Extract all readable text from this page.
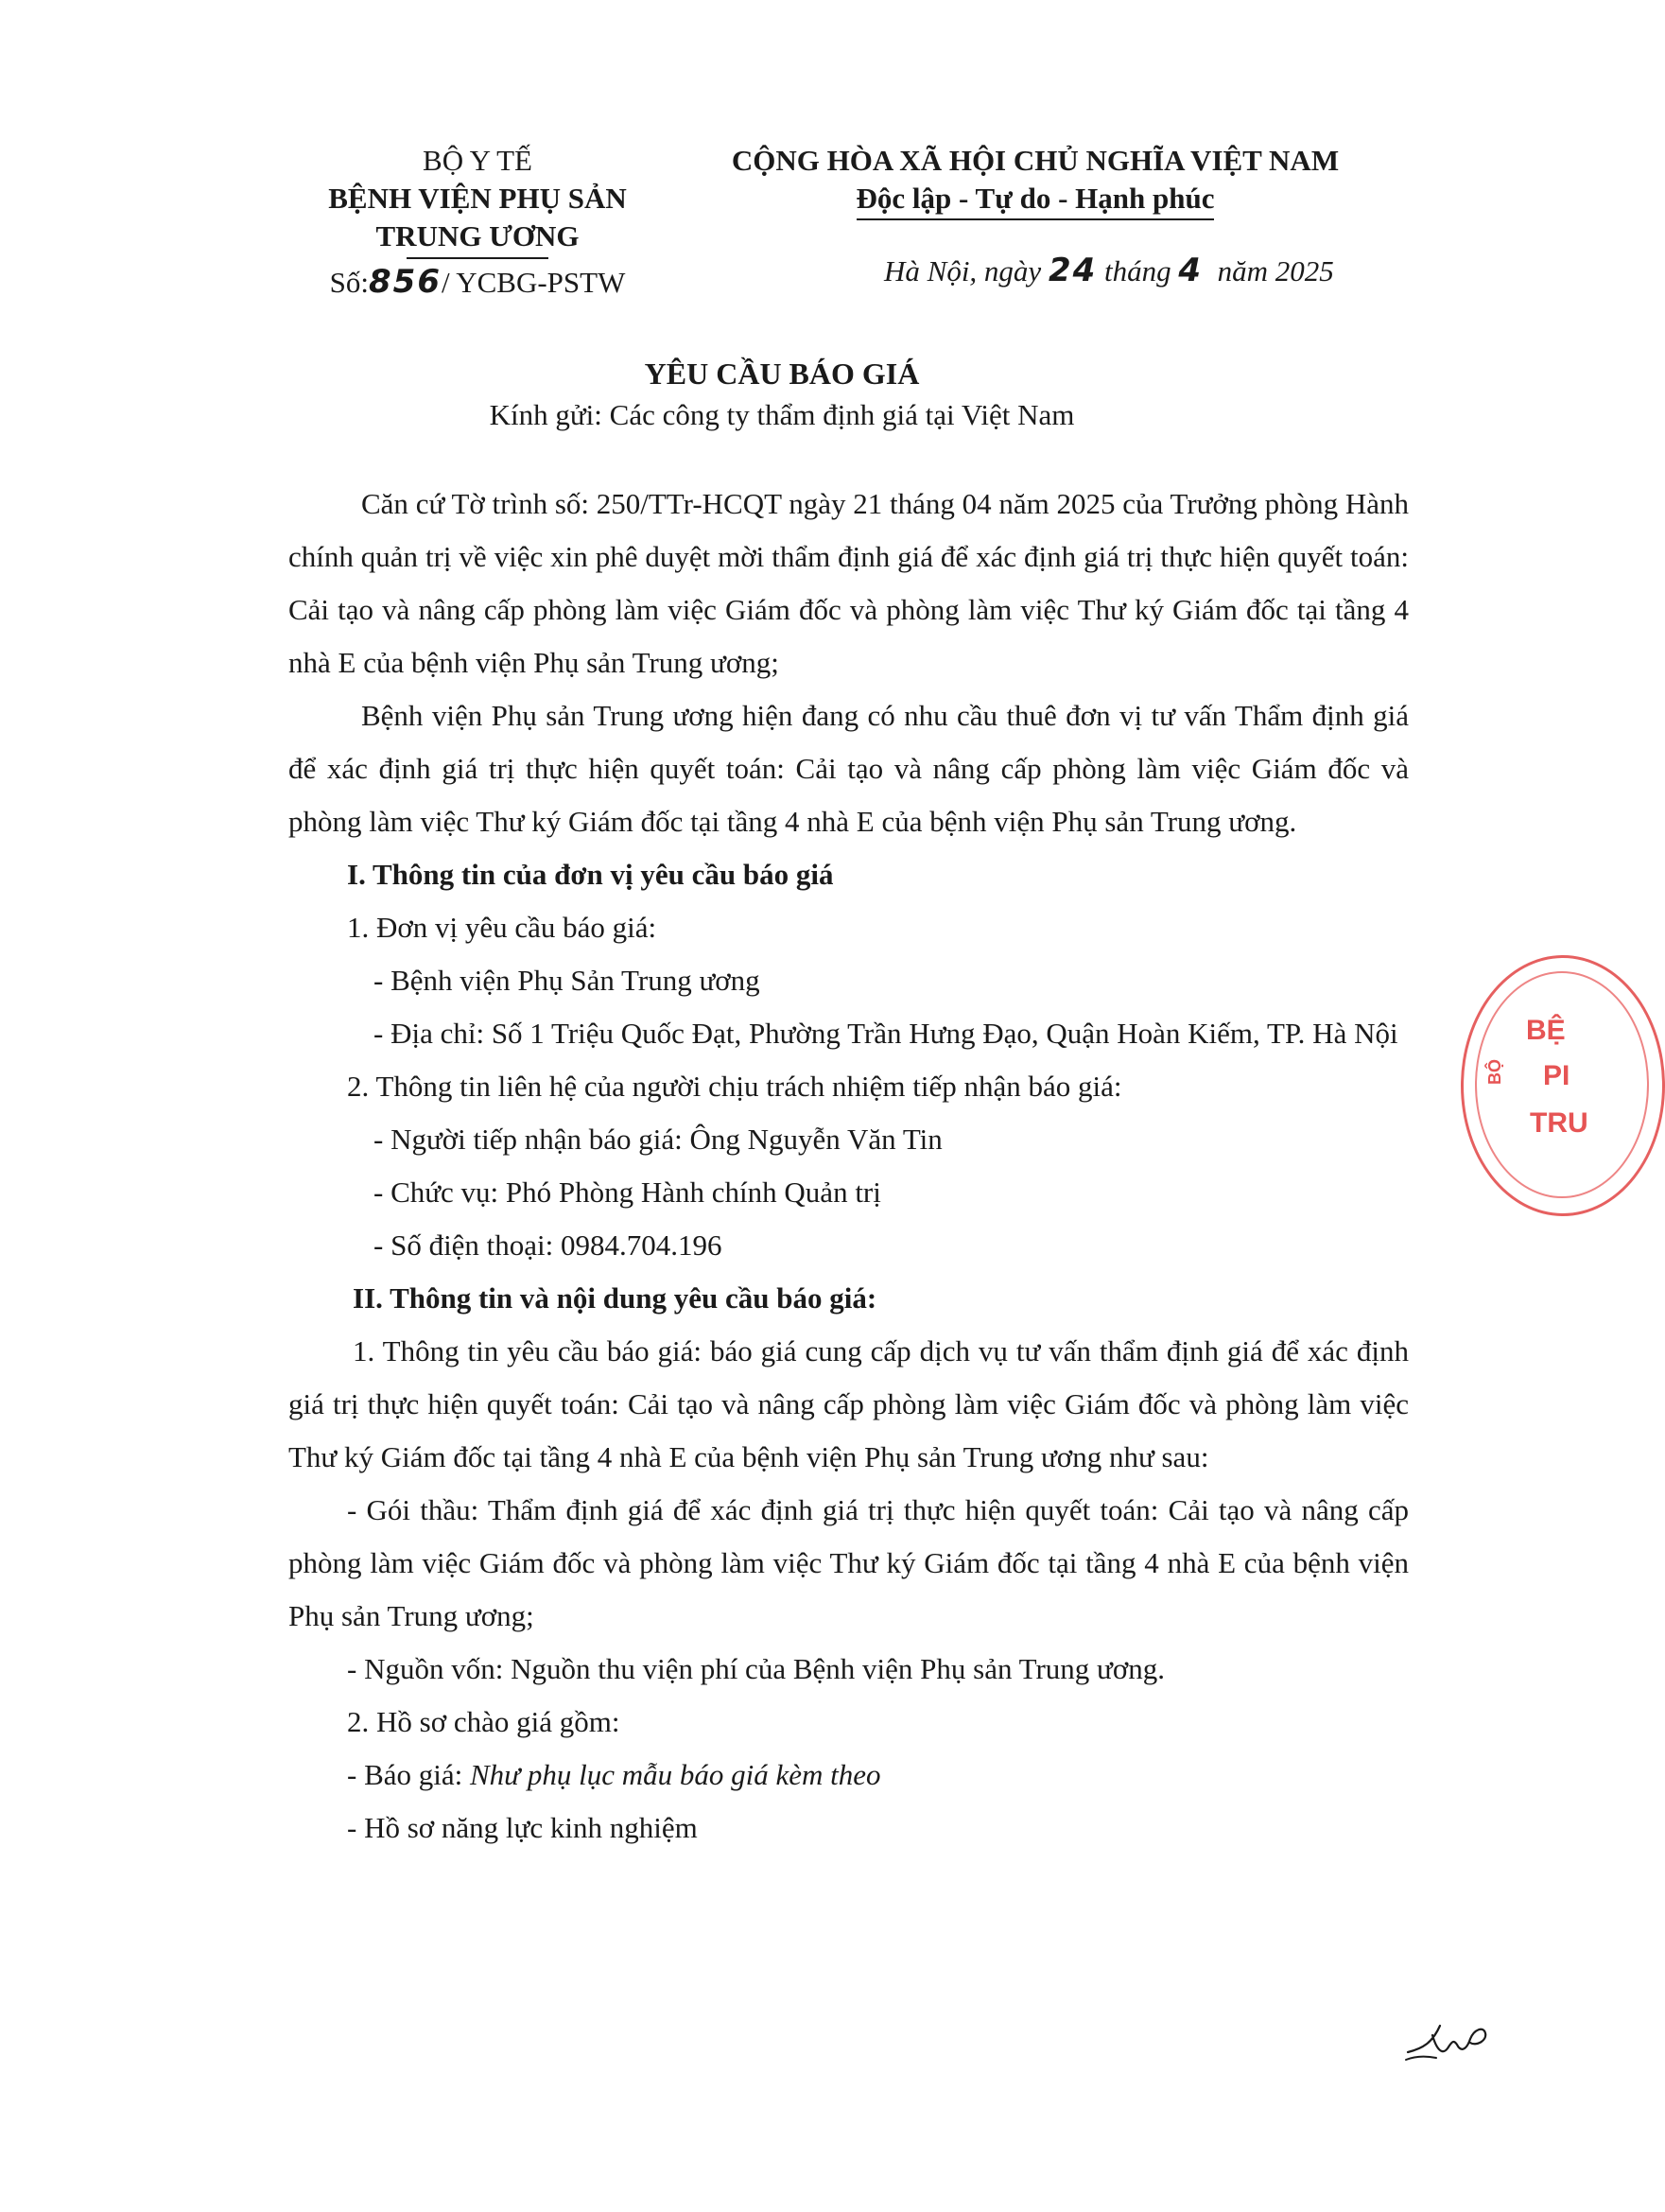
BỘ Y TẾ
BỆNH VIỆN PHỤ SẢN
TRUNG ƯƠNG
Số:856/ YCBG-PSTW
CỘNG HÒA XÃ HỘI CHỦ NGHĨA VIỆT NAM
Độc lập - Tự do - Hạnh phúc
Hà Nội, ngày 24 tháng 4 năm 2025
YÊU CẦU BÁO GIÁ
Kính gửi: Các công ty thẩm định giá tại Việt Nam

Căn cứ Tờ trình số: 250/TTr-HCQT ngày 21 tháng 04 năm 2025 của Trưởng phòng Hành chính quản trị về việc xin phê duyệt mời thẩm định giá để xác định giá trị thực hiện quyết toán: Cải tạo và nâng cấp phòng làm việc Giám đốc và phòng làm việc Thư ký Giám đốc tại tầng 4 nhà E của bệnh viện Phụ sản Trung ương;

Bệnh viện Phụ sản Trung ương hiện đang có nhu cầu thuê đơn vị tư vấn Thẩm định giá để xác định giá trị thực hiện quyết toán: Cải tạo và nâng cấp phòng làm việc Giám đốc và phòng làm việc Thư ký Giám đốc tại tầng 4 nhà E của bệnh viện Phụ sản Trung ương.

I. Thông tin của đơn vị yêu cầu báo giá

1. Đơn vị yêu cầu báo giá:

- Bệnh viện Phụ Sản Trung ương

- Địa chỉ: Số 1 Triệu Quốc Đạt, Phường Trần Hưng Đạo, Quận Hoàn Kiếm, TP. Hà Nội

2. Thông tin liên hệ của người chịu trách nhiệm tiếp nhận báo giá:

- Người tiếp nhận báo giá: Ông Nguyễn Văn Tin

- Chức vụ: Phó Phòng Hành chính Quản trị

- Số điện thoại: 0984.704.196

II. Thông tin và nội dung yêu cầu báo giá:

1. Thông tin yêu cầu báo giá: báo giá cung cấp dịch vụ tư vấn thẩm định giá để xác định giá trị thực hiện quyết toán: Cải tạo và nâng cấp phòng làm việc Giám đốc và phòng làm việc Thư ký Giám đốc tại tầng 4 nhà E của bệnh viện Phụ sản Trung ương như sau:

- Gói thầu: Thẩm định giá để xác định giá trị thực hiện quyết toán: Cải tạo và nâng cấp phòng làm việc Giám đốc và phòng làm việc Thư ký Giám đốc tại tầng 4 nhà E của bệnh viện Phụ sản Trung ương;

- Nguồn vốn: Nguồn thu viện phí của Bệnh viện Phụ sản Trung ương.

2. Hồ sơ chào giá gồm:

- Báo giá: Như phụ lục mẫu báo giá kèm theo

- Hồ sơ năng lực kinh nghiệm

BỆ
PI
TRU
BỘ
